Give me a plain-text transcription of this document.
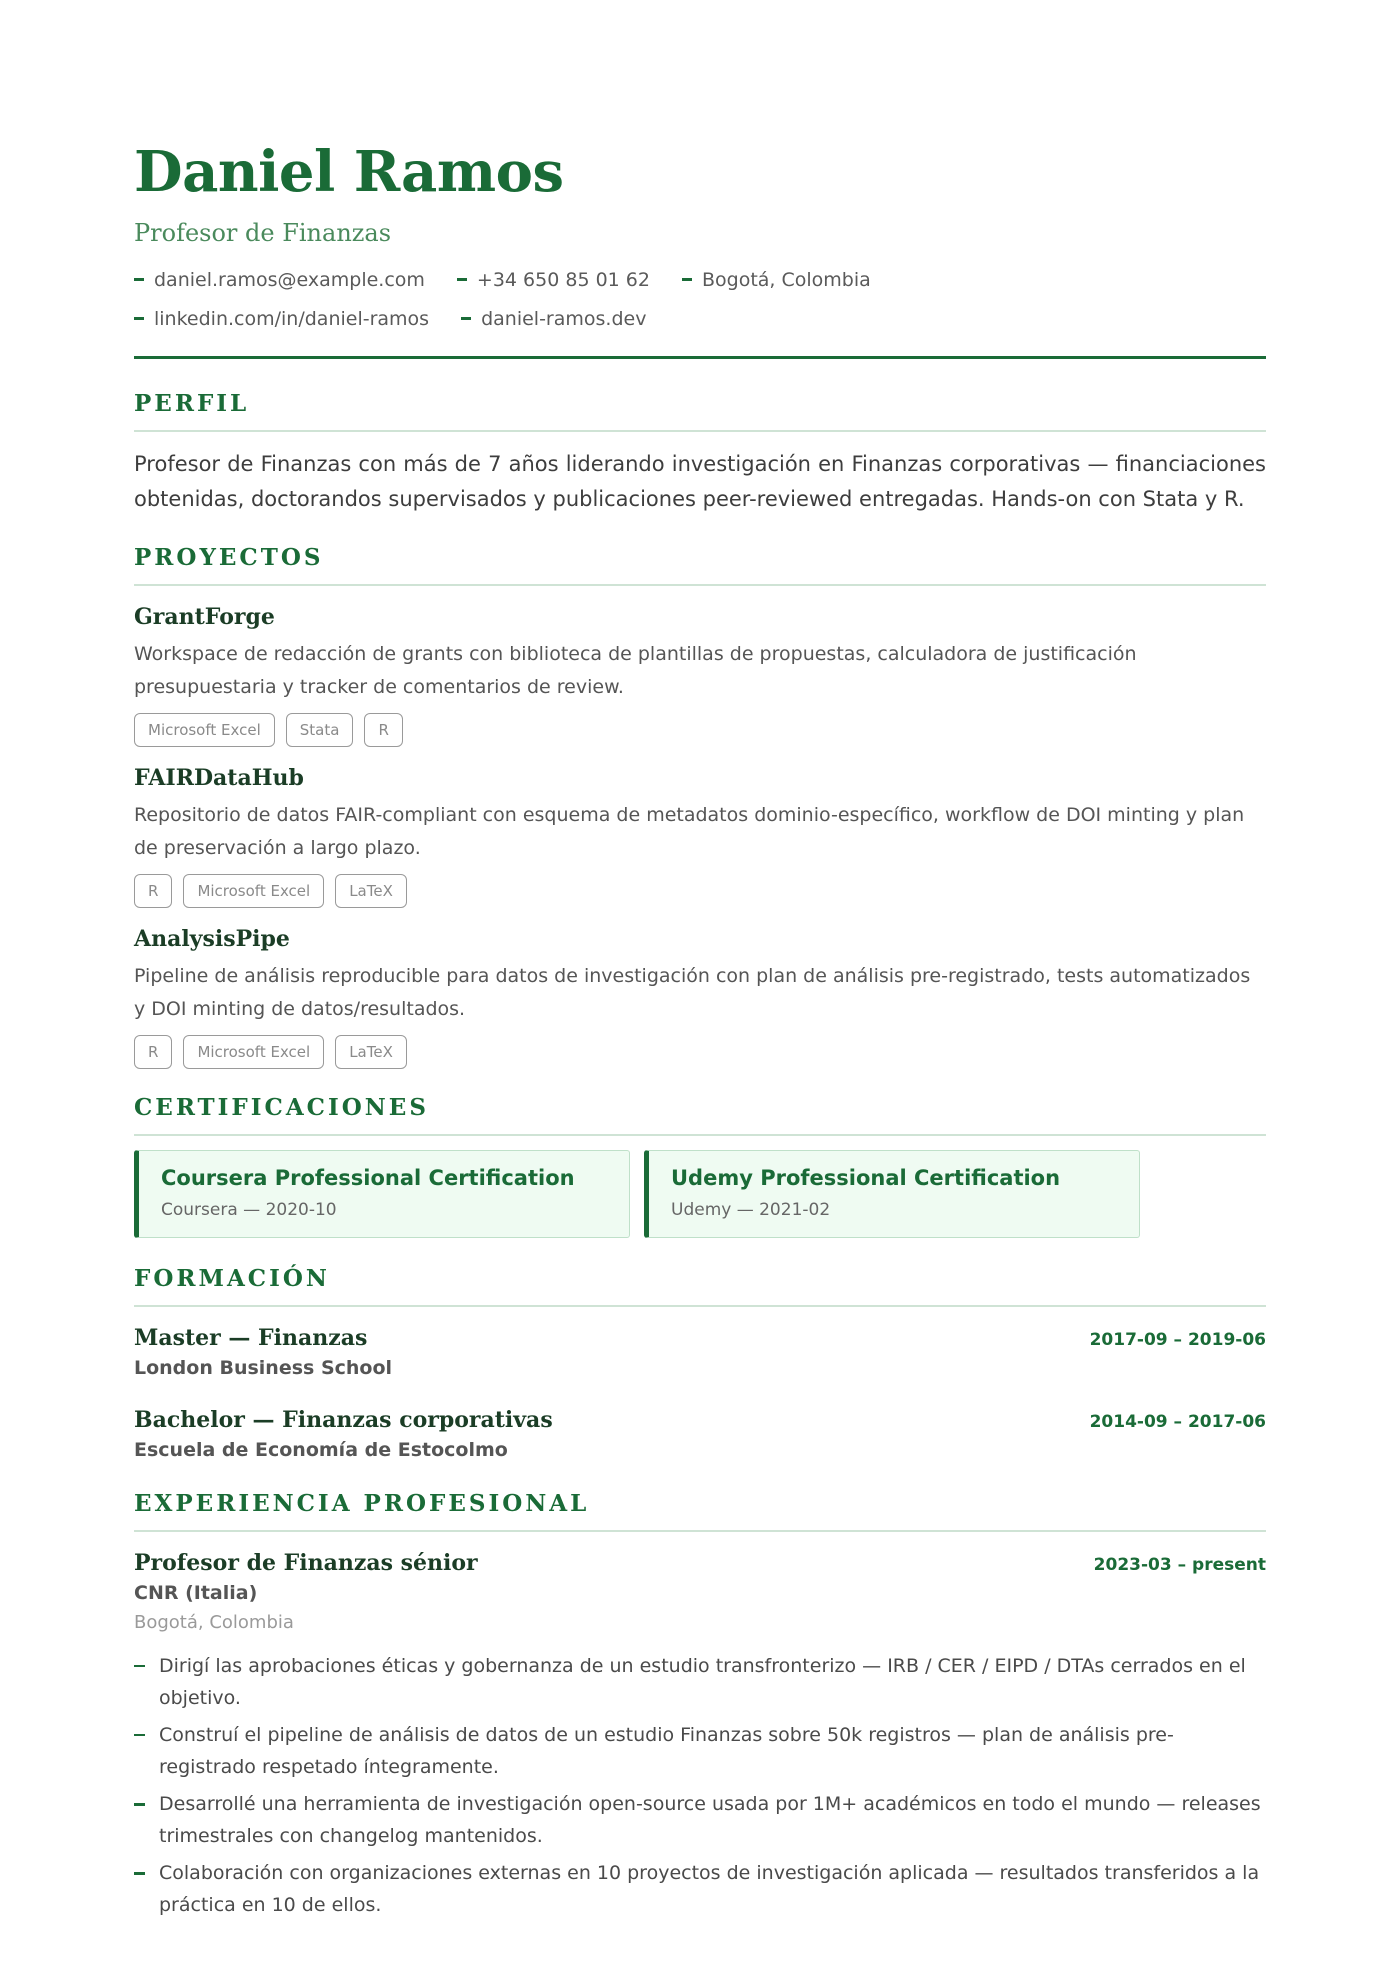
Daniel Ramos
Profesor de Finanzas
daniel.ramos@example.com	+34 650 85 01 62	Bogotá, Colombia
linkedin.com/in/daniel-ramos	daniel-ramos.dev
PERFIL
Profesor de Finanzas con más de 7 años liderando investigación en Finanzas corporativas — financiaciones obtenidas, doctorandos supervisados y publicaciones peer-reviewed entregadas. Hands-on con Stata y R.
PROYECTOS
GrantForge
Workspace de redacción de grants con biblioteca de plantillas de propuestas, calculadora de justificación presupuestaria y tracker de comentarios de review.
Microsoft Excel	Stata	R
FAIRDataHub
Repositorio de datos FAIR-compliant con esquema de metadatos dominio-específico, workflow de DOI minting y plan de preservación a largo plazo.
R	Microsoft Excel	LaTeX
AnalysisPipe
Pipeline de análisis reproducible para datos de investigación con plan de análisis pre-registrado, tests automatizados y DOI minting de datos/resultados.
R	Microsoft Excel	LaTeX
CERTIFICACIONES
Coursera Professional Certification
Coursera — 2020-10
Udemy Professional Certification
Udemy — 2021-02
FORMACIÓN
Master — Finanzas	2017-09 – 2019-06
London Business School
Bachelor — Finanzas corporativas	2014-09 – 2017-06
Escuela de Economía de Estocolmo
EXPERIENCIA PROFESIONAL
Profesor de Finanzas sénior	2023-03 – present
CNR (Italia)
Bogotá, Colombia
Dirigí las aprobaciones éticas y gobernanza de un estudio transfronterizo — IRB / CER / EIPD / DTAs cerrados en el objetivo.
Construí el pipeline de análisis de datos de un estudio Finanzas sobre 50k registros — plan de análisis pre-registrado respetado íntegramente.
Desarrollé una herramienta de investigación open-source usada por 1M+ académicos en todo el mundo — releases trimestrales con changelog mantenidos.
Colaboración con organizaciones externas en 10 proyectos de investigación aplicada — resultados transferidos a la práctica en 10 de ellos.
